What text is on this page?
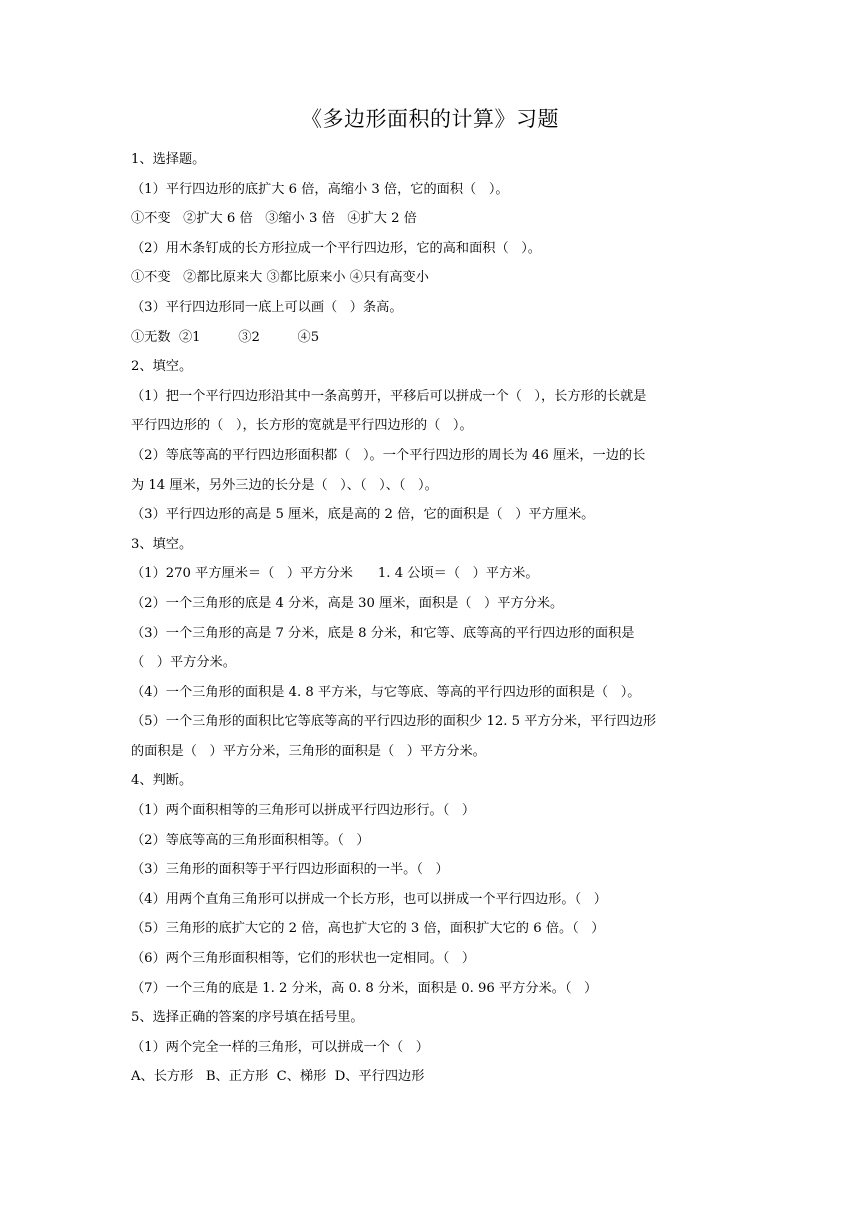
《多边形面积的计算》习题

1、选择题。

（1）平行四边形的底扩大 6 倍，高缩小 3 倍，它的面积（   ）。

①不变   ②扩大 6 倍   ③缩小 3 倍   ④扩大 2 倍

（2）用木条钉成的长方形拉成一个平行四边形，它的高和面积（   ）。

①不变   ②都比原来大 ③都比原来小 ④只有高变小

（3）平行四边形同一底上可以画（   ）条高。

①无数  ②1         ③2         ④5

2、填空。

（1）把一个平行四边形沿其中一条高剪开，平移后可以拼成一个（   ），长方形的长就是

平行四边形的（   ），长方形的宽就是平行四边形的（   ）。

（2）等底等高的平行四边形面积都（   ）。一个平行四边形的周长为 46 厘米，一边的长

为 14 厘米，另外三边的长分是（   ）、（   ）、（   ）。

（3）平行四边形的高是 5 厘米，底是高的 2 倍，它的面积是（   ）平方厘米。

3、填空。

（1）270 平方厘米＝（   ）平方分米      1. 4 公顷＝（   ）平方米。

（2）一个三角形的底是 4 分米，高是 30 厘米，面积是（   ）平方分米。

（3）一个三角形的高是 7 分米，底是 8 分米，和它等、底等高的平行四边形的面积是

（   ）平方分米。

（4）一个三角形的面积是 4. 8 平方米，与它等底、等高的平行四边形的面积是（   ）。

（5）一个三角形的面积比它等底等高的平行四边形的面积少 12. 5 平方分米，平行四边形

的面积是（   ）平方分米，三角形的面积是（   ）平方分米。

4、判断。

（1）两个面积相等的三角形可以拼成平行四边形行。（   ）

（2）等底等高的三角形面积相等。（   ）

（3）三角形的面积等于平行四边形面积的一半。（   ）

（4）用两个直角三角形可以拼成一个长方形，也可以拼成一个平行四边形。（   ）

（5）三角形的底扩大它的 2 倍，高也扩大它的 3 倍，面积扩大它的 6 倍。（   ）

（6）两个三角形面积相等，它们的形状也一定相同。（   ）

（7）一个三角的底是 1. 2 分米，高 0. 8 分米，面积是 0. 96 平方分米。（   ）

5、选择正确的答案的序号填在括号里。

（1）两个完全一样的三角形，可以拼成一个（   ）

A、长方形   B、正方形  C、梯形  D、平行四边形
